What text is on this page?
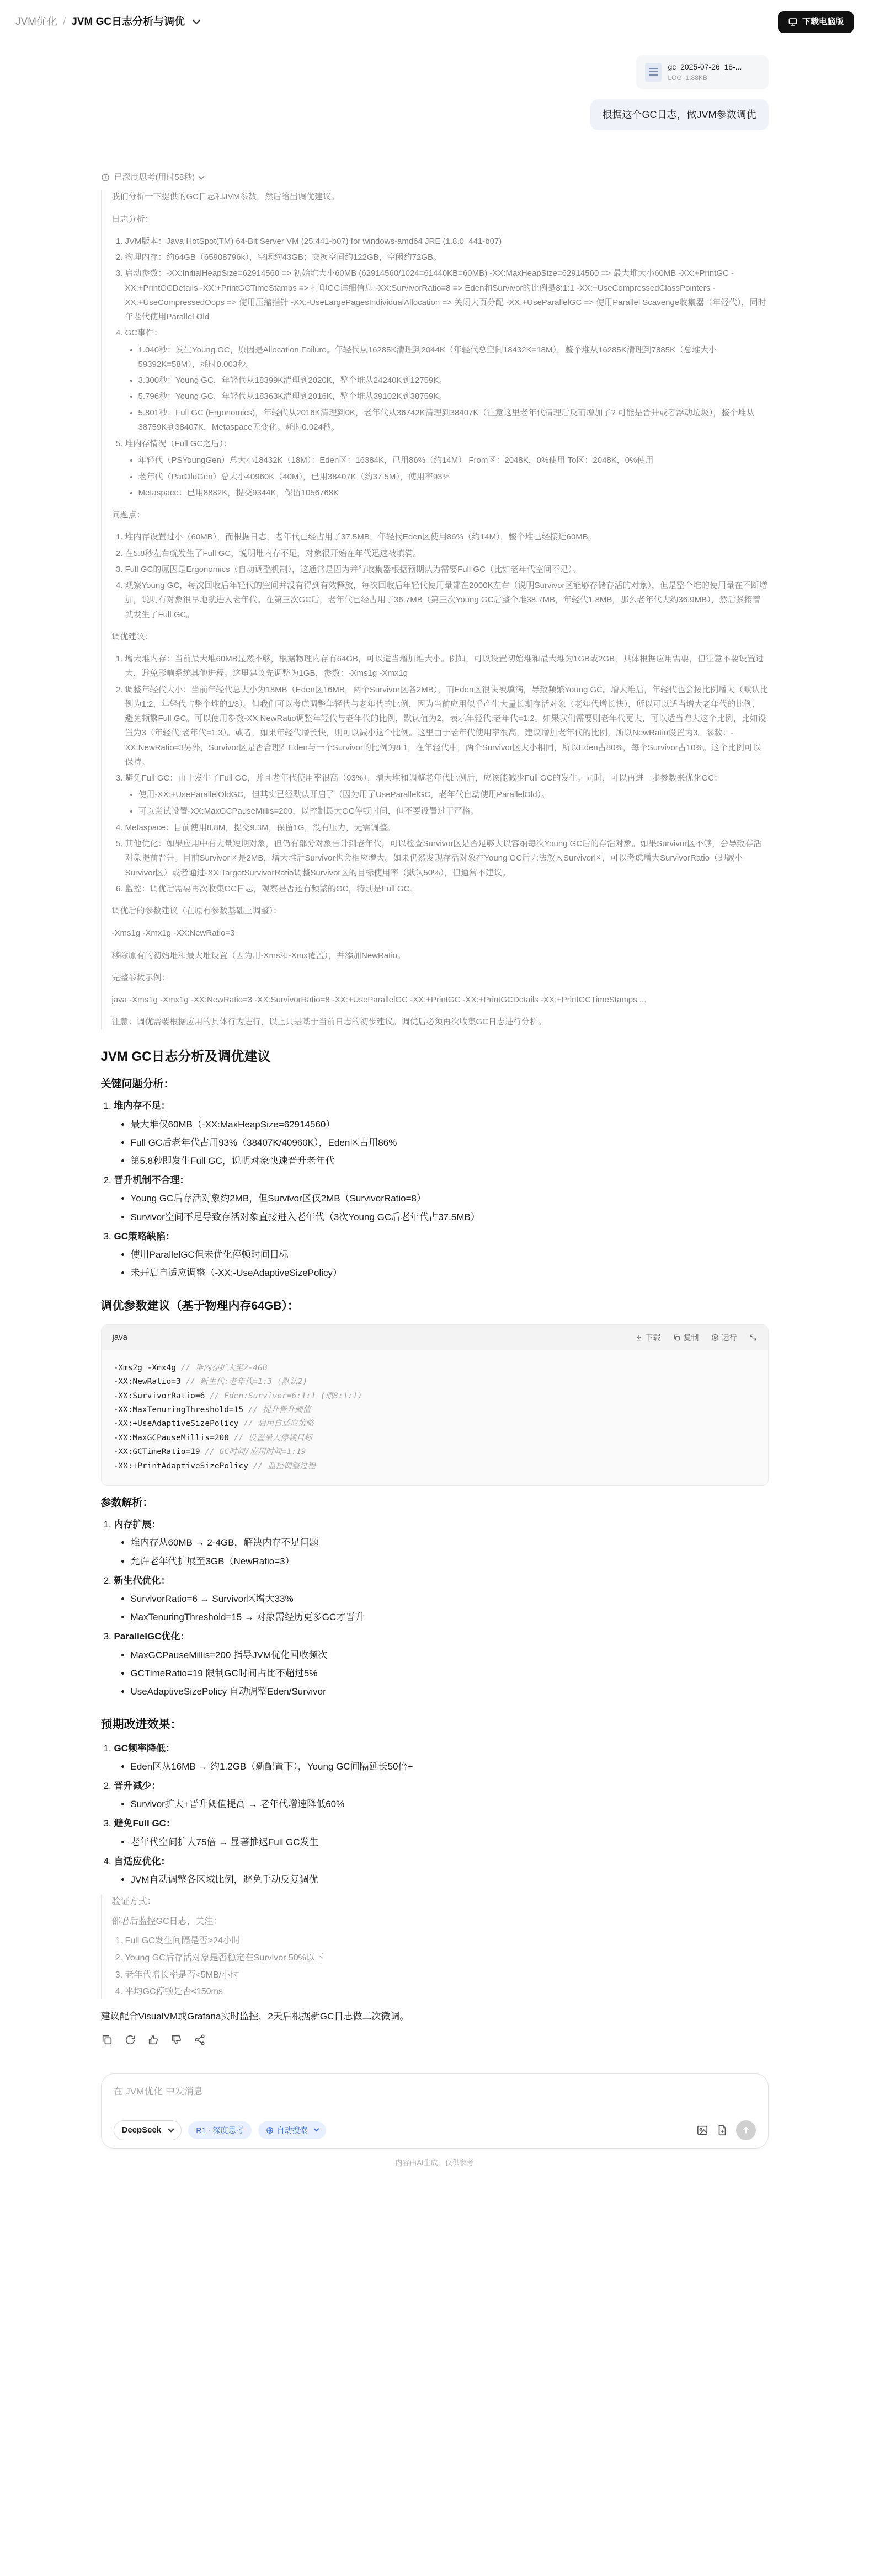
JVM优化 / JVM GC日志分析与调优	下载电脑版
gc_2025-07-26_18-...
LOG 1.88KB
根据这个GC日志，做JVM参数调优
已深度思考(用时58秒)

我们分析一下提供的GC日志和JVM参数，然后给出调优建议。

日志分析：

1. JVM版本：Java HotSpot(TM) 64-Bit Server VM (25.441-b07) for windows-amd64 JRE (1.8.0_441-b07)
2. 物理内存：约64GB（65908796k），空闲约43GB；交换空间约122GB，空闲约72GB。
3. 启动参数：-XX:InitialHeapSize=62914560 => 初始堆大小60MB (62914560/1024=61440KB=60MB) -XX:MaxHeapSize=62914560 => 最大堆大小60MB -XX:+PrintGC -XX:+PrintGCDetails -XX:+PrintGCTimeStamps => 打印GC详细信息 -XX:SurvivorRatio=8 => Eden和Survivor的比例是8:1:1 -XX:+UseCompressedClassPointers -XX:+UseCompressedOops => 使用压缩指针 -XX:-UseLargePagesIndividualAllocation => 关闭大页分配 -XX:+UseParallelGC => 使用Parallel Scavenge收集器（年轻代），同时年老代使用Parallel Old
4. GC事件：
• 1.040秒：发生Young GC，原因是Allocation Failure。年轻代从16285K清理到2044K（年轻代总空间18432K=18M），整个堆从16285K清理到7885K（总堆大小59392K=58M），耗时0.003秒。
• 3.300秒：Young GC，年轻代从18399K清理到2020K，整个堆从24240K到12759K。
• 5.796秒：Young GC，年轻代从18363K清理到2016K，整个堆从39102K到38759K。
• 5.801秒：Full GC (Ergonomics)，年轻代从2016K清理到0K，老年代从36742K清理到38407K（注意这里老年代清理后反而增加了? 可能是晋升或者浮动垃圾），整个堆从38759K到38407K，Metaspace无变化。耗时0.024秒。
5. 堆内存情况（Full GC之后）：
• 年轻代（PSYoungGen）总大小18432K（18M）：Eden区：16384K，已用86%（约14M） From区：2048K，0%使用 To区：2048K，0%使用
• 老年代（ParOldGen）总大小40960K（40M），已用38407K（约37.5M），使用率93%
• Metaspace：已用8882K，提交9344K，保留1056768K

问题点：

1. 堆内存设置过小（60MB），而根据日志，老年代已经占用了37.5MB，年轻代Eden区使用86%（约14M），整个堆已经接近60MB。
2. 在5.8秒左右就发生了Full GC，说明堆内存不足，对象很开始在年代迅速被填满。
3. Full GC的原因是Ergonomics（自动调整机制），这通常是因为并行收集器根据预期认为需要Full GC（比如老年代空间不足）。
4. 观察Young GC，每次回收后年轻代的空间并没有得到有效释放，每次回收后年轻代使用量都在2000K左右（说明Survivor区能够存储存活的对象），但是整个堆的使用量在不断增加，说明有对象很早地就进入老年代。在第三次GC后，老年代已经占用了36.7MB（第三次Young GC后整个堆38.7MB，年轻代1.8MB，那么老年代大约36.9MB），然后紧接着就发生了Full GC。

调优建议：

1. 增大堆内存：当前最大堆60MB显然不够，根据物理内存有64GB，可以适当增加堆大小。例如，可以设置初始堆和最大堆为1GB或2GB，具体根据应用需要，但注意不要设置过大，避免影响系统其他进程。这里建议先调整为1GB，参数：-Xms1g -Xmx1g
2. 调整年轻代大小：当前年轻代总大小为18MB（Eden区16MB，两个Survivor区各2MB），而Eden区很快被填满，导致频繁Young GC。增大堆后，年轻代也会按比例增大（默认比例为1:2，年轻代占整个堆的1/3）。但我们可以考虑调整年轻代与老年代的比例，因为当前应用似乎产生大量长期存活对象（老年代增长快），所以可以适当增大老年代的比例，避免频繁Full GC。可以使用参数-XX:NewRatio调整年轻代与老年代的比例，默认值为2，表示年轻代:老年代=1:2。如果我们需要则老年代更大，可以适当增大这个比例，比如设置为3（年轻代:老年代=1:3）。或者，如果年轻代增长快，则可以减小这个比例。这里由于老年代使用率很高，建议增加老年代的比例，所以NewRatio设置为3。参数：-XX:NewRatio=3另外，Survivor区是否合理？Eden与一个Survivor的比例为8:1，在年轻代中，两个Survivor区大小相同，所以Eden占80%，每个Survivor占10%。这个比例可以保持。
3. 避免Full GC：由于发生了Full GC，并且老年代使用率很高（93%），增大堆和调整老年代比例后，应该能减少Full GC的发生。同时，可以再进一步参数来优化GC：
• 使用-XX:+UseParallelOldGC，但其实已经默认开启了（因为用了UseParallelGC，老年代自动使用ParallelOld）。
• 可以尝试设置-XX:MaxGCPauseMillis=200，以控制最大GC停顿时间，但不要设置过于严格。
4. Metaspace：目前使用8.8M，提交9.3M，保留1G，没有压力，无需调整。
5. 其他优化：如果应用中有大量短期对象，但仍有部分对象晋升到老年代，可以检查Survivor区是否足够大以容纳每次Young GC后的存活对象。如果Survivor区不够，会导致存活对象提前晋升。目前Survivor区是2MB，增大堆后Survivor也会相应增大。如果仍然发现存活对象在Young GC后无法放入Survivor区，可以考虑增大SurvivorRatio（即减小Survivor区）或者通过-XX:TargetSurvivorRatio调整Survivor区的目标使用率（默认50%），但通常不建议。
6. 监控：调优后需要再次收集GC日志，观察是否还有频繁的GC，特别是Full GC。

调优后的参数建议（在原有参数基础上调整）：

-Xms1g -Xmx1g -XX:NewRatio=3

移除原有的初始堆和最大堆设置（因为用-Xms和-Xmx覆盖），并添加NewRatio。

完整参数示例：

java -Xms1g -Xmx1g -XX:NewRatio=3 -XX:SurvivorRatio=8 -XX:+UseParallelGC -XX:+PrintGC -XX:+PrintGCDetails -XX:+PrintGCTimeStamps ...

注意：调优需要根据应用的具体行为进行，以上只是基于当前日志的初步建议。调优后必须再次收集GC日志进行分析。

JVM GC日志分析及调优建议
关键问题分析：
1. 堆内存不足：
• 最大堆仅60MB（-XX:MaxHeapSize=62914560）
• Full GC后老年代占用93%（38407K/40960K），Eden区占用86%
• 第5.8秒即发生Full GC，说明对象快速晋升老年代
2. 晋升机制不合理：
• Young GC后存活对象约2MB，但Survivor区仅2MB（SurvivorRatio=8）
• Survivor空间不足导致存活对象直接进入老年代（3次Young GC后老年代占37.5MB）
3. GC策略缺陷：
• 使用ParallelGC但未优化停顿时间目标
• 未开启自适应调整（-XX:-UseAdaptiveSizePolicy）
调优参数建议（基于物理内存64GB）：
java	下载	复制	运行
-Xms2g -Xmx4g // 堆内存扩大至2-4GB
-XX:NewRatio=3 // 新生代:老年代=1:3 (默认2)
-XX:SurvivorRatio=6 // Eden:Survivor=6:1:1 (原8:1:1)
-XX:MaxTenuringThreshold=15 // 提升晋升阈值
-XX:+UseAdaptiveSizePolicy // 启用自适应策略
-XX:MaxGCPauseMillis=200 // 设置最大停顿目标
-XX:GCTimeRatio=19 // GC时间/应用时间=1:19
-XX:+PrintAdaptiveSizePolicy // 监控调整过程
参数解析：
1. 内存扩展：
• 堆内存从60MB → 2-4GB，解决内存不足问题
• 允许老年代扩展至3GB（NewRatio=3）
2. 新生代优化：
• SurvivorRatio=6 → Survivor区增大33%
• MaxTenuringThreshold=15 → 对象需经历更多GC才晋升
3. ParallelGC优化：
• MaxGCPauseMillis=200 指导JVM优化回收频次
• GCTimeRatio=19 限制GC时间占比不超过5%
• UseAdaptiveSizePolicy 自动调整Eden/Survivor
预期改进效果：
1. GC频率降低：
• Eden区从16MB → 约1.2GB（新配置下），Young GC间隔延长50倍+
2. 晋升减少：
• Survivor扩大+晋升阈值提高 → 老年代增速降低60%
3. 避免Full GC：
• 老年代空间扩大75倍 → 显著推迟Full GC发生
4. 自适应优化：
• JVM自动调整各区域比例，避免手动反复调优

验证方式：

部署后监控GC日志，关注：

1. Full GC发生间隔是否>24小时
2. Young GC后存活对象是否稳定在Survivor 50%以下
3. 老年代增长率是否<5MB/小时
4. 平均GC停顿是否<150ms

建议配合VisualVM或Grafana实时监控，2天后根据新GC日志做二次微调。

在 JVM优化 中发消息
DeepSeek	R1 · 深度思考	自动搜索
内容由AI生成，仅供参考
